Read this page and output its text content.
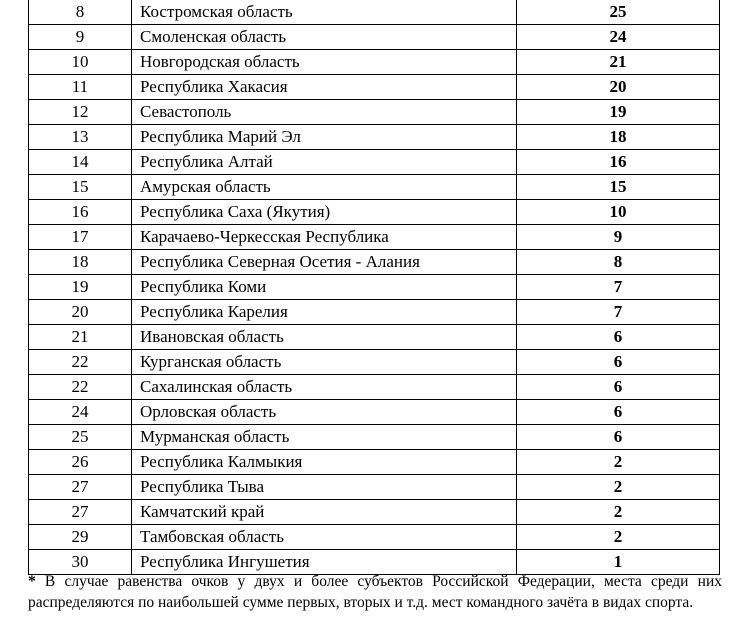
8	Костромская область	25
9	Смоленская область	24
10	Новгородская область	21
11	Республика Хакасия	20
12	Севастополь	19
13	Республика Марий Эл	18
14	Республика Алтай	16
15	Амурская область	15
16	Республика Саха (Якутия)	10
17	Карачаево-Черкесская Республика	9
18	Республика Северная Осетия - Алания	8
19	Республика Коми	7
20	Республика Карелия	7
21	Ивановская область	6
22	Курганская область	6
22	Сахалинская область	6
24	Орловская область	6
25	Мурманская область	6
26	Республика Калмыкия	2
27	Республика Тыва	2
27	Камчатский край	2
29	Тамбовская область	2
30	Республика Ингушетия	1
* В случае равенства очков у двух и более субъектов Российской Федерации, места среди них распределяются по наибольшей сумме первых, вторых и т.д. мест командного зачёта в видах спорта.
